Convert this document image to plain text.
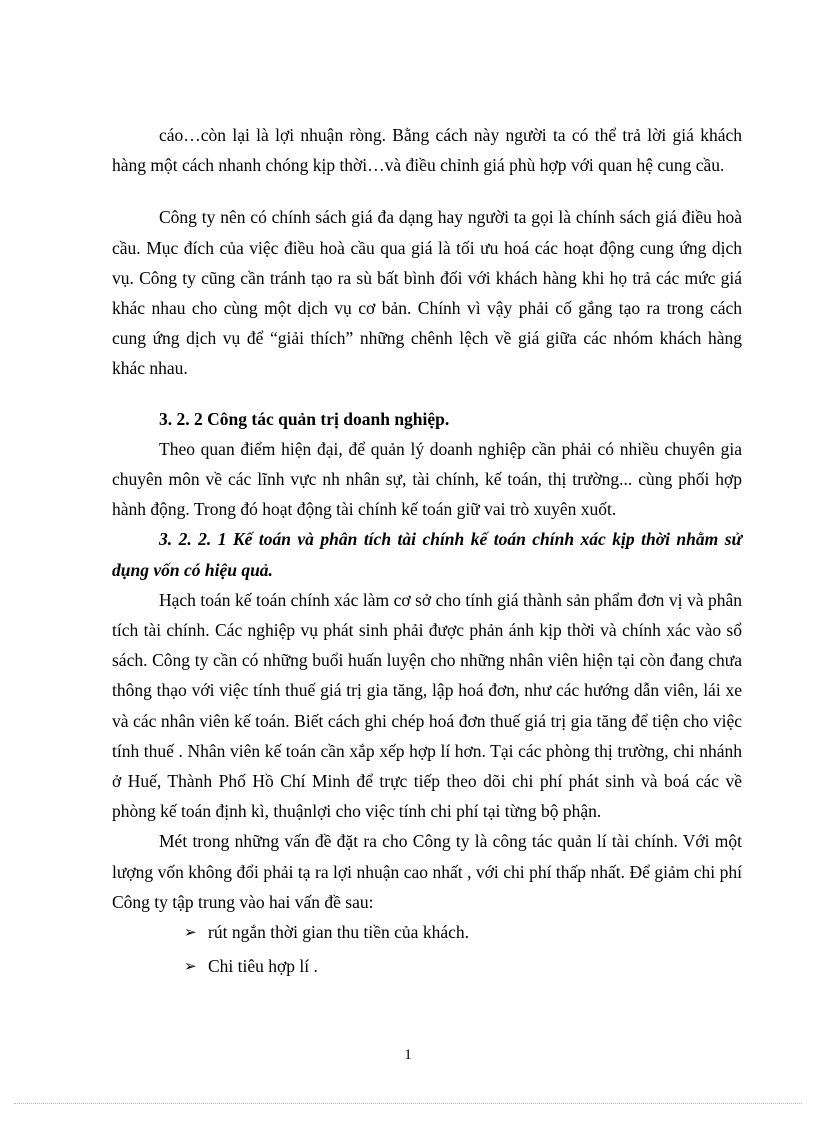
cáo…còn lại là lợi nhuận ròng. Bằng cách này người ta có thể trả lời giá khách hàng một cách nhanh chóng kịp thời…và điều chỉnh giá phù hợp với quan hệ cung cầu.

Công ty nên có chính sách giá đa dạng hay người ta gọi là chính sách giá điều hoà cầu. Mục đích của việc điều hoà cầu qua giá là tối ưu hoá các hoạt động cung ứng dịch vụ. Công ty cũng cần tránh tạo ra sù bất bình đối với khách hàng khi họ trả các mức giá khác nhau cho cùng một dịch vụ cơ bản. Chính vì vậy phải cố gắng tạo ra trong cách cung ứng dịch vụ để “giải thích” những chênh lệch về giá giữa các nhóm khách hàng khác nhau.

3. 2. 2 Công tác quản trị doanh nghiệp.

Theo quan điểm hiện đại, để quản lý doanh nghiệp cần phải có nhiều chuyên gia chuyên môn về các lĩnh vực nh nhân sự, tài chính, kế toán, thị trường... cùng phối hợp hành động. Trong đó hoạt động tài chính kế toán giữ vai trò xuyên xuốt.

3. 2. 2. 1 Kế toán và phân tích tài chính kế toán chính xác kịp thời nhằm sử dụng vốn có hiệu quả.

Hạch toán kế toán chính xác làm cơ sở cho tính giá thành sản phẩm đơn vị và phân tích tài chính. Các nghiệp vụ phát sinh phải được phản ánh kịp thời và chính xác vào sổ sách. Công ty cần có những buổi huấn luyện cho những nhân viên hiện tại còn đang chưa thông thạo với việc tính thuế giá trị gia tăng, lập hoá đơn, như các hướng dẫn viên, lái xe và các nhân viên kế toán. Biết cách ghi chép hoá đơn thuế giá trị gia tăng để tiện cho việc tính thuế . Nhân viên kế toán cần xắp xếp hợp lí hơn. Tại các phòng thị trường, chi nhánh ở Huế, Thành Phố Hồ Chí Minh để trực tiếp theo dõi chi phí phát sinh và boá các về phòng kế toán định kì, thuậnlợi cho việc tính chi phí tại từng bộ phận.

Mét trong những vấn đề đặt ra cho Công ty là công tác quản lí tài chính. Với một lượng vốn không đổi phải tạ ra lợi nhuận cao nhất , với chi phí thấp nhất. Để giảm chi phí Công ty tập trung vào hai vấn đề sau:

➢ rút ngắn thời gian thu tiền của khách.
➢ Chi tiêu hợp lí .
1
